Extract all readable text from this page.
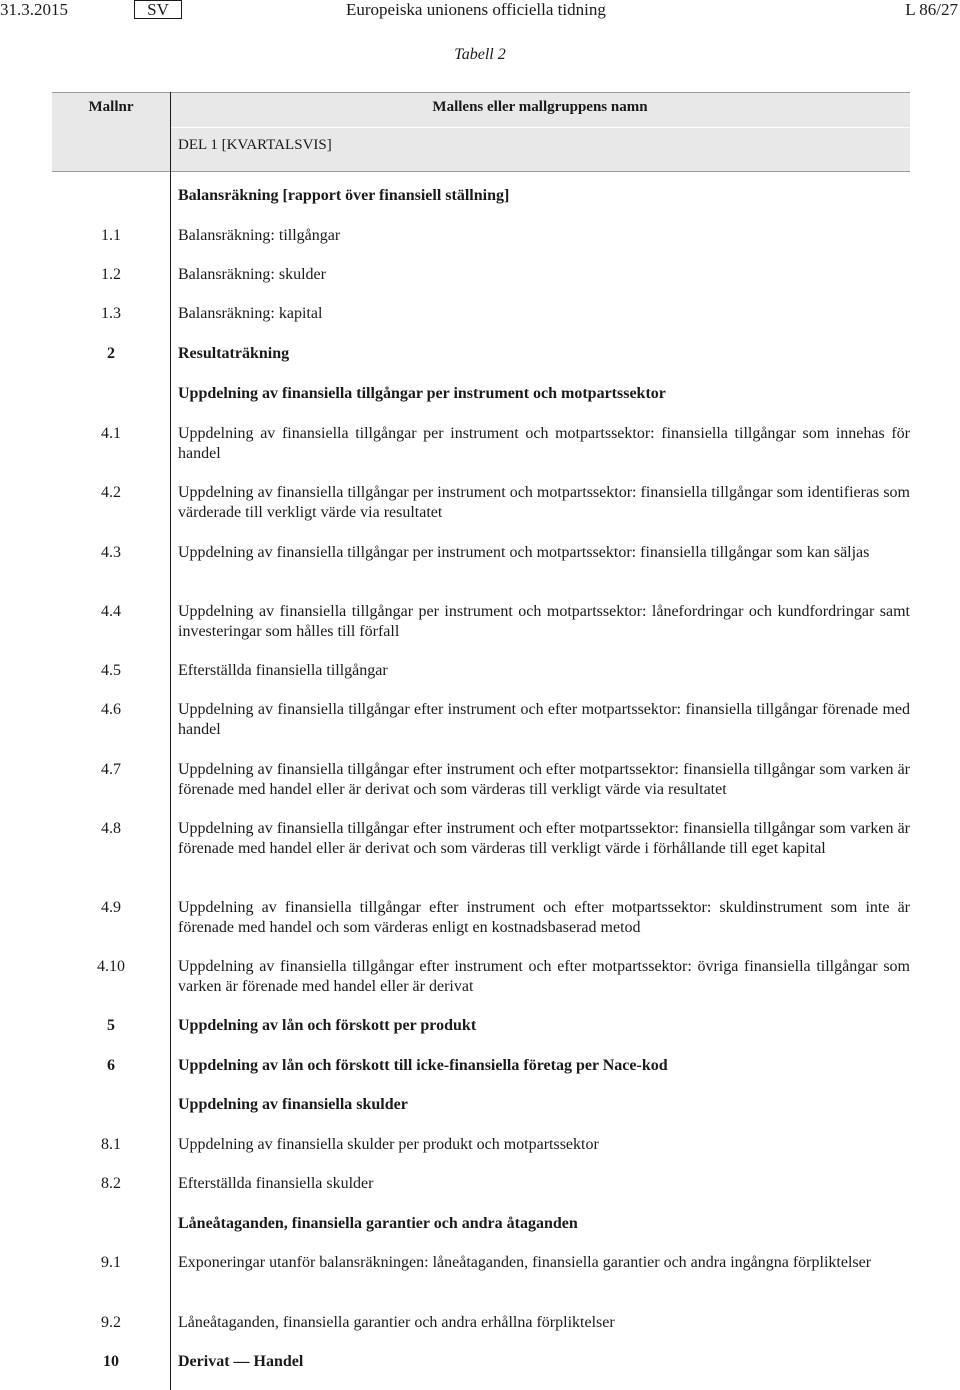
31.3.2015	SV	Europeiska unionens officiella tidning	L 86/27
Tabell 2
Mallnr	Mallens eller mallgruppens namn
DEL 1 [KVARTALSVIS]
Balansräkning [rapport över finansiell ställning]
1.1	Balansräkning: tillgångar
1.2	Balansräkning: skulder
1.3	Balansräkning: kapital
2	Resultaträkning
Uppdelning av finansiella tillgångar per instrument och motpartssektor
4.1	Uppdelning av finansiella tillgångar per instrument och motpartssektor: finansiella tillgångar som innehas för handel
4.2	Uppdelning av finansiella tillgångar per instrument och motpartssektor: finansiella tillgångar som identifieras som värderade till verkligt värde via resultatet
4.3	Uppdelning av finansiella tillgångar per instrument och motpartssektor: finansiella tillgångar som kan säljas
4.4	Uppdelning av finansiella tillgångar per instrument och motpartssektor: lånefordringar och kundfordringar samt investeringar som hålles till förfall
4.5	Efterställda finansiella tillgångar
4.6	Uppdelning av finansiella tillgångar efter instrument och efter motpartssektor: finansiella tillgångar förenade med handel
4.7	Uppdelning av finansiella tillgångar efter instrument och efter motpartssektor: finansiella tillgångar som varken är förenade med handel eller är derivat och som värderas till verkligt värde via resultatet
4.8	Uppdelning av finansiella tillgångar efter instrument och efter motpartssektor: finansiella tillgångar som varken är förenade med handel eller är derivat och som värderas till verkligt värde i förhållande till eget kapital
4.9	Uppdelning av finansiella tillgångar efter instrument och efter motpartssektor: skuldinstrument som inte är förenade med handel och som värderas enligt en kostnadsbaserad metod
4.10	Uppdelning av finansiella tillgångar efter instrument och efter motpartssektor: övriga finansiella tillgångar som varken är förenade med handel eller är derivat
5	Uppdelning av lån och förskott per produkt
6	Uppdelning av lån och förskott till icke-finansiella företag per Nace-kod
Uppdelning av finansiella skulder
8.1	Uppdelning av finansiella skulder per produkt och motpartssektor
8.2	Efterställda finansiella skulder
Låneåtaganden, finansiella garantier och andra åtaganden
9.1	Exponeringar utanför balansräkningen: låneåtaganden, finansiella garantier och andra ingångna förpliktelser
9.2	Låneåtaganden, finansiella garantier och andra erhållna förpliktelser
10	Derivat — Handel
